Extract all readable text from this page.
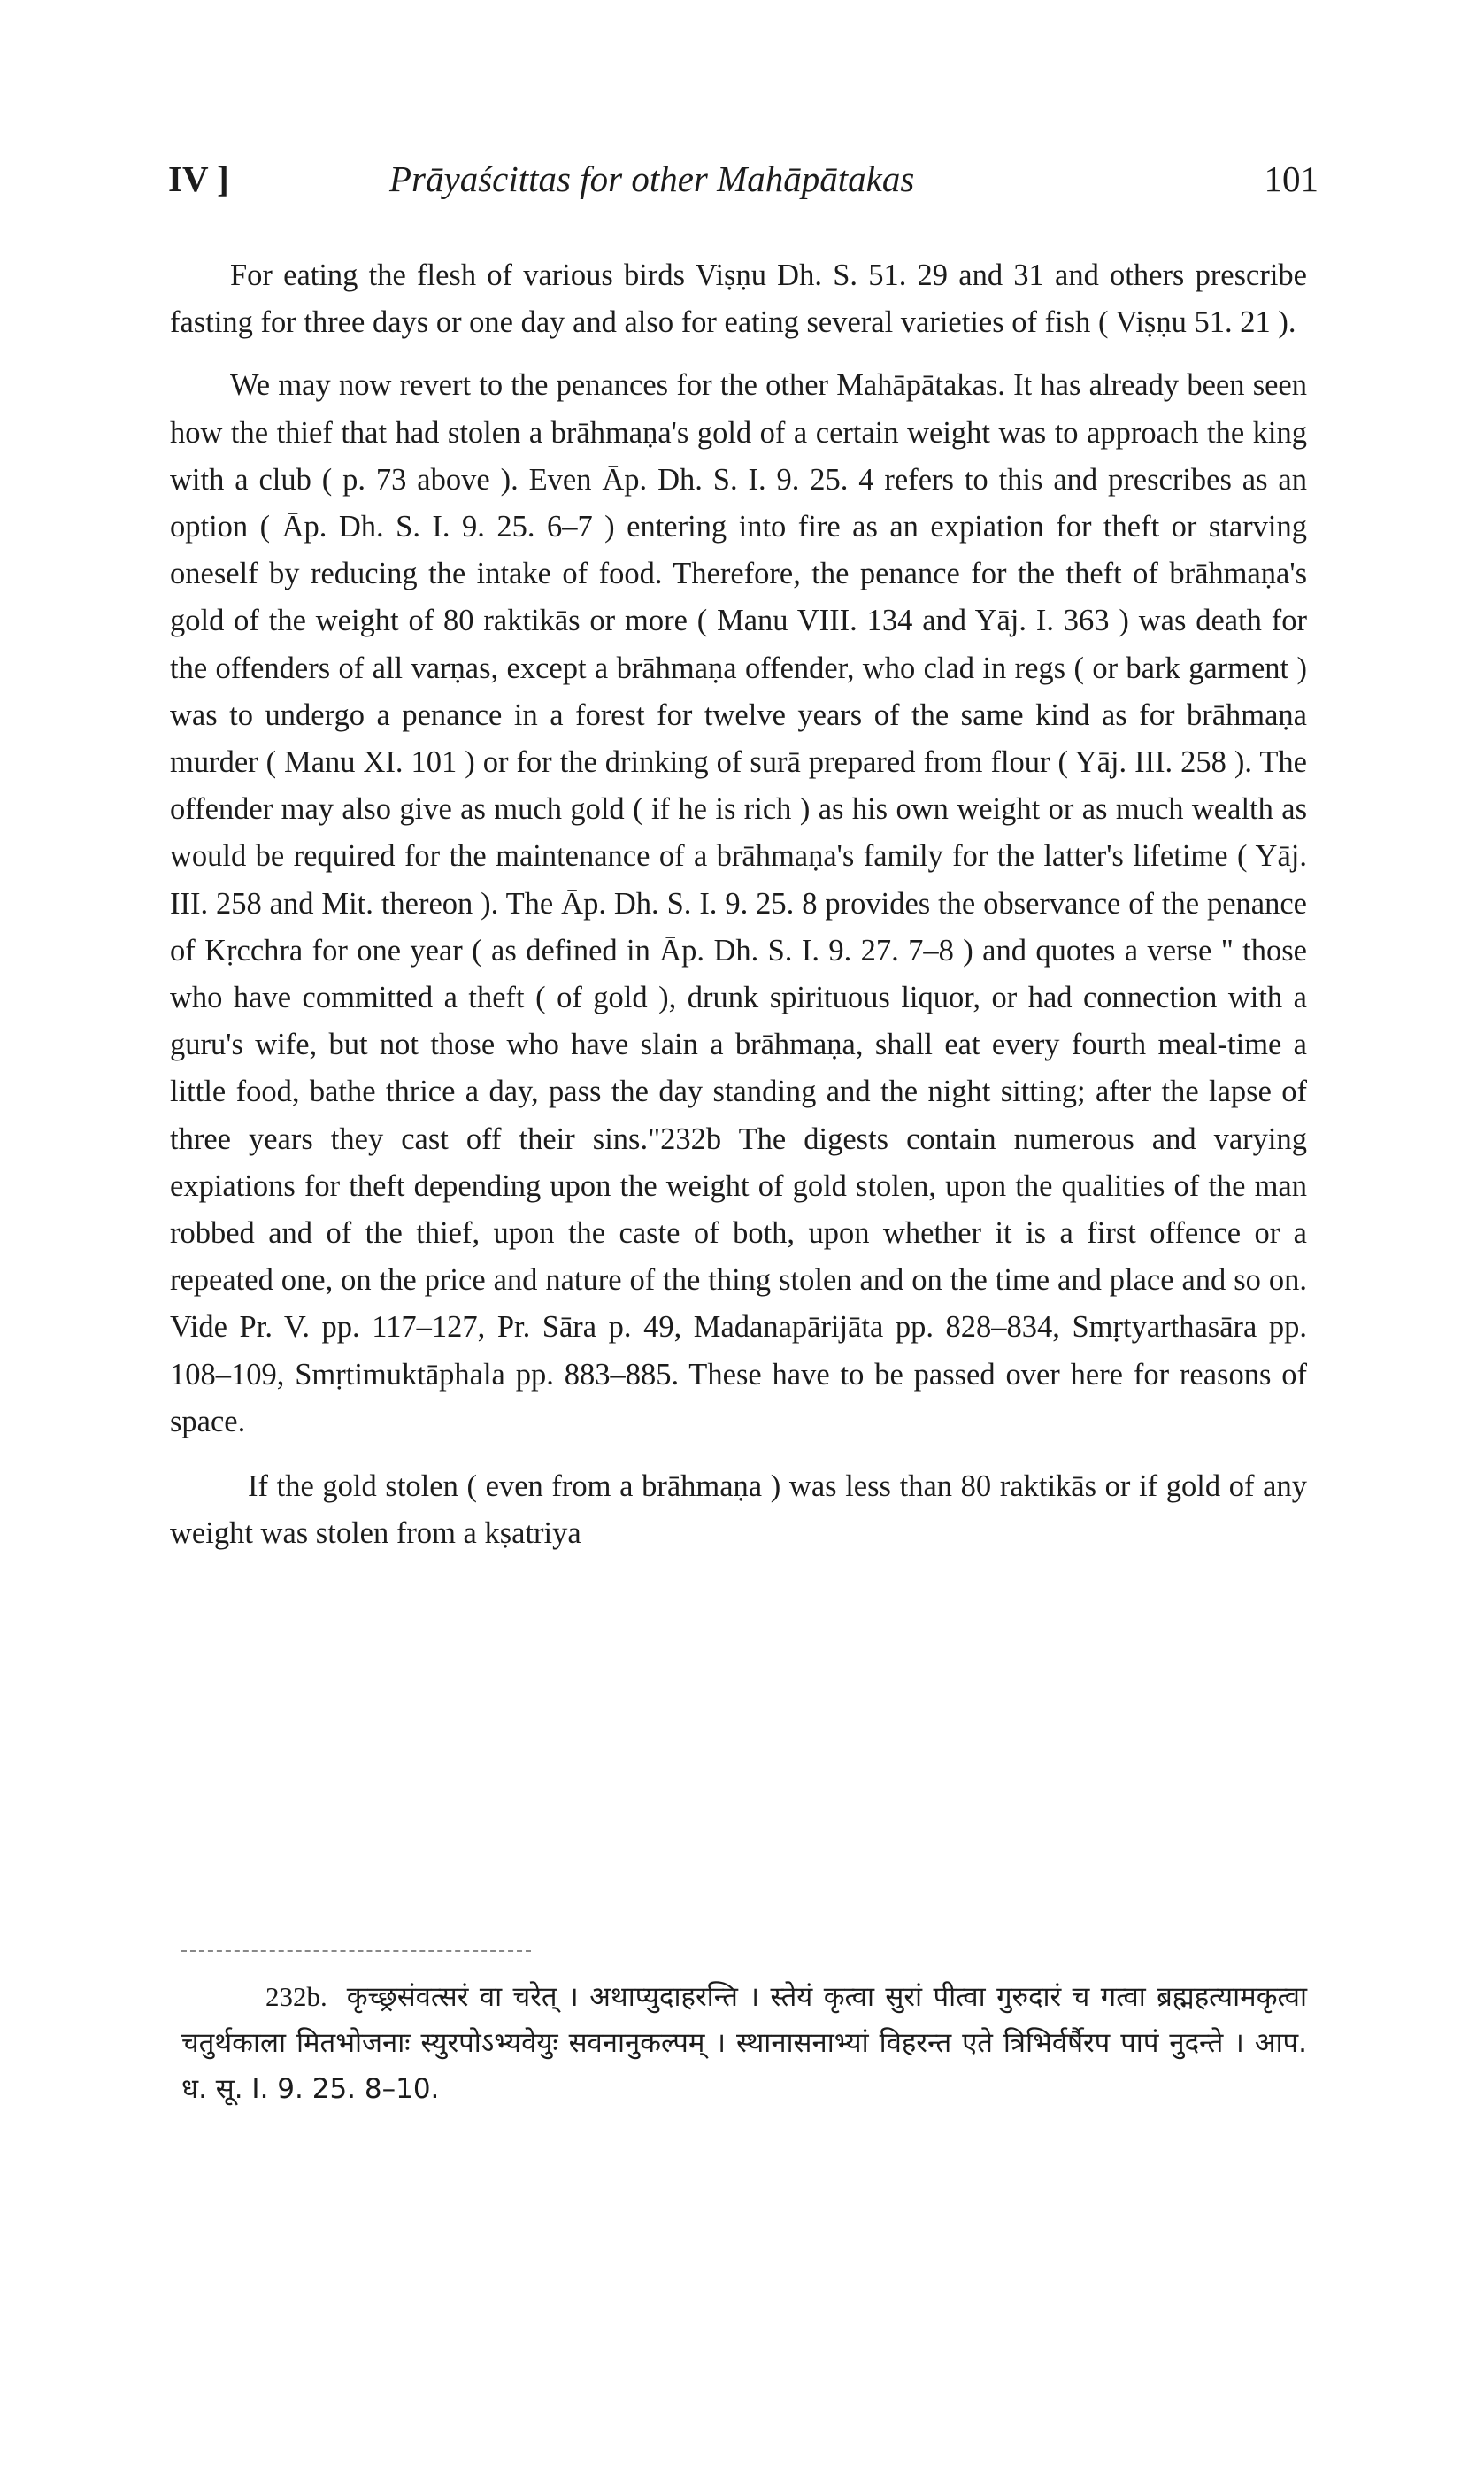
IV ]	Prāyaścittas for other Mahāpātakas	101

For eating the flesh of various birds Viṣṇu Dh. S. 51. 29 and 31 and others prescribe fasting for three days or one day and also for eating several varieties of fish ( Viṣṇu 51. 21 ).

We may now revert to the penances for the other Mahāpātakas. It has already been seen how the thief that had stolen a brāhmaṇa's gold of a certain weight was to approach the king with a club ( p. 73 above ). Even Āp. Dh. S. I. 9. 25. 4 refers to this and prescribes as an option ( Āp. Dh. S. I. 9. 25. 6–7 ) entering into fire as an expiation for theft or starving oneself by reducing the intake of food. Therefore, the penance for the theft of brāhmaṇa's gold of the weight of 80 raktikās or more ( Manu VIII. 134 and Yāj. I. 363 ) was death for the offenders of all varṇas, except a brāhmaṇa offender, who clad in regs ( or bark garment ) was to undergo a penance in a forest for twelve years of the same kind as for brāhmaṇa murder ( Manu XI. 101 ) or for the drinking of surā prepared from flour ( Yāj. III. 258 ). The offender may also give as much gold ( if he is rich ) as his own weight or as much wealth as would be required for the maintenance of a brāhmaṇa's family for the latter's lifetime ( Yāj. III. 258 and Mit. thereon ). The Āp. Dh. S. I. 9. 25. 8 provides the observance of the penance of Kṛcchra for one year ( as defined in Āp. Dh. S. I. 9. 27. 7–8 ) and quotes a verse " those who have committed a theft ( of gold ), drunk spirituous liquor, or had connection with a guru's wife, but not those who have slain a brāhmaṇa, shall eat every fourth meal-time a little food, bathe thrice a day, pass the day standing and the night sitting; after the lapse of three years they cast off their sins."232b The digests contain numerous and varying expiations for theft depending upon the weight of gold stolen, upon the qualities of the man robbed and of the thief, upon the caste of both, upon whether it is a first offence or a repeated one, on the price and nature of the thing stolen and on the time and place and so on. Vide Pr. V. pp. 117–127, Pr. Sāra p. 49, Madanapārijāta pp. 828–834, Smṛtyarthasāra pp. 108–109, Smṛtimuktāphala pp. 883–885. These have to be passed over here for reasons of space.

If the gold stolen ( even from a brāhmaṇa ) was less than 80 raktikās or if gold of any weight was stolen from a kṣatriya

232b. कृच्छ्रसंवत्सरं वा चरेत् । अथाप्युदाहरन्ति । स्तेयं कृत्वा सुरां पीत्वा गुरुदारं च गत्वा ब्रह्महत्यामकृत्वा चतुर्थकाला मितभोजनाः स्युरपोऽभ्यवेयुः सवनानुकल्पम् । स्थानासनाभ्यां विहरन्त एते त्रिभिर्वर्षैरप पापं नुदन्ते । आप. ध. सू. I. 9. 25. 8–10.
